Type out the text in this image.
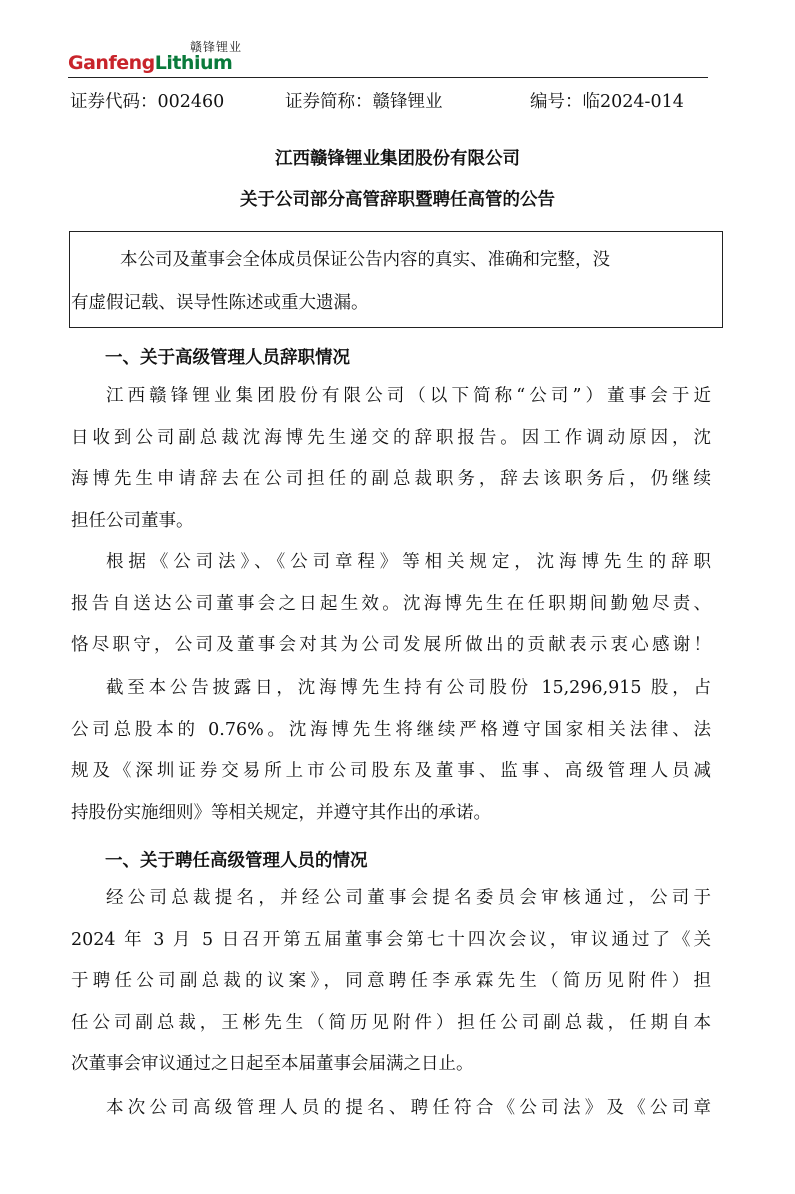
赣锋锂业
GanfengLithium
证券代码：002460	证券简称：赣锋锂业	编号：临2024-014
江西赣锋锂业集团股份有限公司
关于公司部分高管辞职暨聘任高管的公告
本公司及董事会全体成员保证公告内容的真实、准确和完整，没
有虚假记载、误导性陈述或重大遗漏。
一、关于高级管理人员辞职情况
江西赣锋锂业集团股份有限公司（以下简称“公司”）董事会于近
日收到公司副总裁沈海博先生递交的辞职报告。因工作调动原因，沈
海博先生申请辞去在公司担任的副总裁职务，辞去该职务后，仍继续
担任公司董事。
根据《公司法》、《公司章程》等相关规定，沈海博先生的辞职
报告自送达公司董事会之日起生效。沈海博先生在任职期间勤勉尽责、
恪尽职守，公司及董事会对其为公司发展所做出的贡献表示衷心感谢！
截至本公告披露日，沈海博先生持有公司股份 15,296,915 股，占
公司总股本的 0.76%。沈海博先生将继续严格遵守国家相关法律、法
规及《深圳证券交易所上市公司股东及董事、监事、高级管理人员减
持股份实施细则》等相关规定，并遵守其作出的承诺。
一、关于聘任高级管理人员的情况
经公司总裁提名，并经公司董事会提名委员会审核通过，公司于
2024 年 3 月 5 日召开第五届董事会第七十四次会议，审议通过了《关
于聘任公司副总裁的议案》，同意聘任李承霖先生（简历见附件）担
任公司副总裁，王彬先生（简历见附件）担任公司副总裁，任期自本
次董事会审议通过之日起至本届董事会届满之日止。
本次公司高级管理人员的提名、聘任符合《公司法》及《公司章
